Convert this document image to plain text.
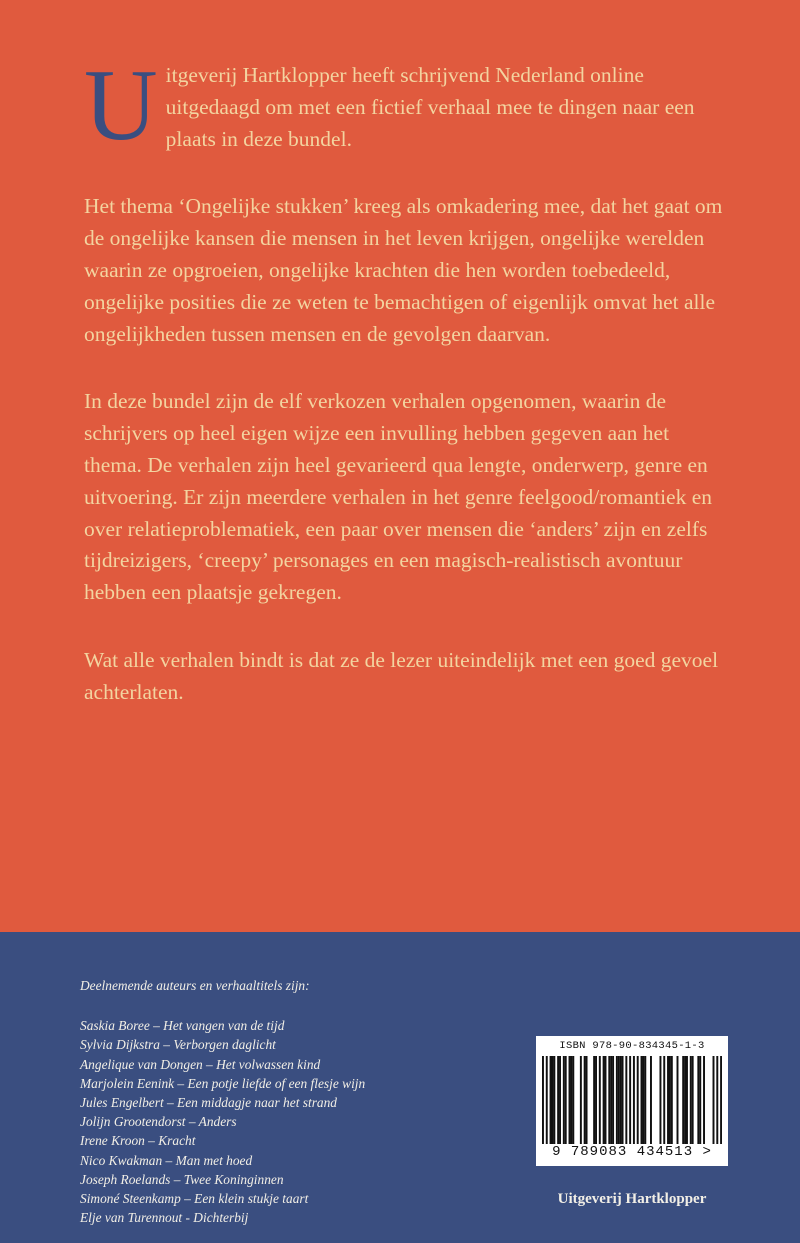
Uitgeverij Hartklopper heeft schrijvend Nederland online uitgedaagd om met een fictief verhaal mee te dingen naar een plaats in deze bundel.

Het thema ‘Ongelijke stukken’ kreeg als omkadering mee, dat het gaat om de ongelijke kansen die mensen in het leven krijgen, ongelijke werelden waarin ze opgroeien, ongelijke krachten die hen worden toebedeeld, ongelijke posities die ze weten te bemachtigen of eigenlijk omvat het alle ongelijkheden tussen mensen en de gevolgen daarvan.

In deze bundel zijn de elf verkozen verhalen opgenomen, waarin de schrijvers op heel eigen wijze een invulling hebben gegeven aan het thema. De verhalen zijn heel gevarieerd qua lengte, onderwerp, genre en uitvoering. Er zijn meerdere verhalen in het genre feelgood/romantiek en over relatieproblematiek, een paar over mensen die ‘anders’ zijn en zelfs tijdreizigers, ‘creepy’ personages en een magisch-realistisch avontuur hebben een plaatsje gekregen.

Wat alle verhalen bindt is dat ze de lezer uiteindelijk met een goed gevoel achterlaten.

Deelnemende auteurs en verhaaltitels zijn:
Saskia Boree – Het vangen van de tijd
Sylvia Dijkstra – Verborgen daglicht
Angelique van Dongen – Het volwassen kind
Marjolein Eenink – Een potje liefde of een flesje wijn
Jules Engelbert – Een middagje naar het strand
Jolijn Grootendorst – Anders
Irene Kroon – Kracht
Nico Kwakman – Man met hoed
Joseph Roelands – Twee Koninginnen
Simoné Steenkamp – Een klein stukje taart
Elje van Turennout - Dichterbij
ISBN 978-90-834345-1-3
9 789083 434513 >
Uitgeverij Hartklopper
